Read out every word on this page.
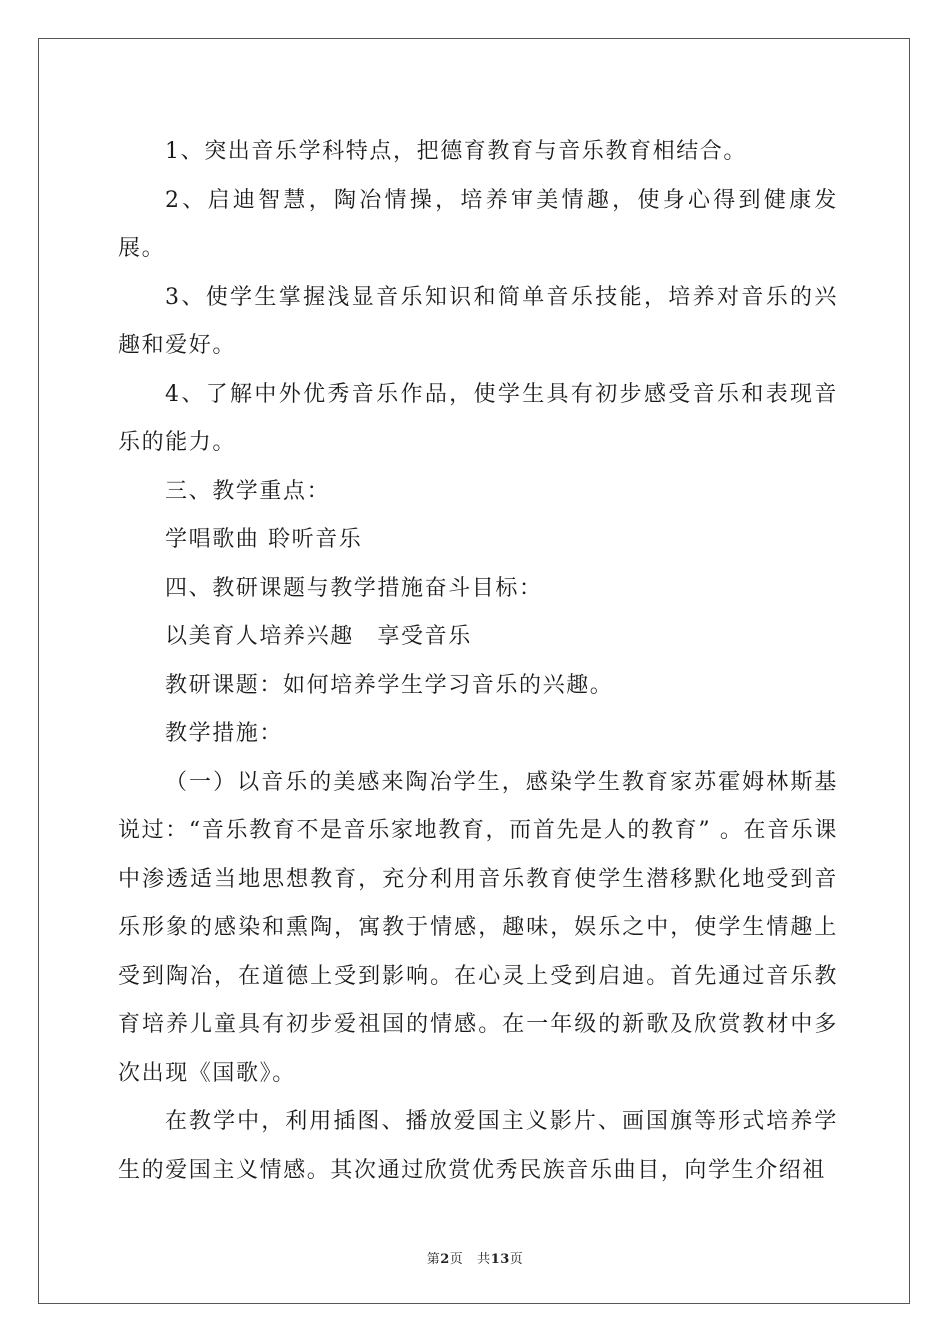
1、突出音乐学科特点，把德育教育与音乐教育相结合。

2、启迪智慧，陶冶情操，培养审美情趣，使身心得到健康发展。

3、使学生掌握浅显音乐知识和简单音乐技能，培养对音乐的兴趣和爱好。

4、了解中外优秀音乐作品，使学生具有初步感受音乐和表现音乐的能力。

三、教学重点：

学唱歌曲 聆听音乐

四、教研课题与教学措施奋斗目标：

以美育人培养兴趣　享受音乐

教研课题：如何培养学生学习音乐的兴趣。

教学措施：

（一）以音乐的美感来陶冶学生，感染学生教育家苏霍姆林斯基说过：“音乐教育不是音乐家地教育，而首先是人的教育” 。在音乐课中渗透适当地思想教育，充分利用音乐教育使学生潜移默化地受到音乐形象的感染和熏陶，寓教于情感，趣味，娱乐之中，使学生情趣上受到陶冶，在道德上受到影响。在心灵上受到启迪。首先通过音乐教育培养儿童具有初步爱祖国的情感。在一年级的新歌及欣赏教材中多次出现《国歌》。

在教学中，利用插图、播放爱国主义影片、画国旗等形式培养学生的爱国主义情感。其次通过欣赏优秀民族音乐曲目，向学生介绍祖

第2页 共13页
